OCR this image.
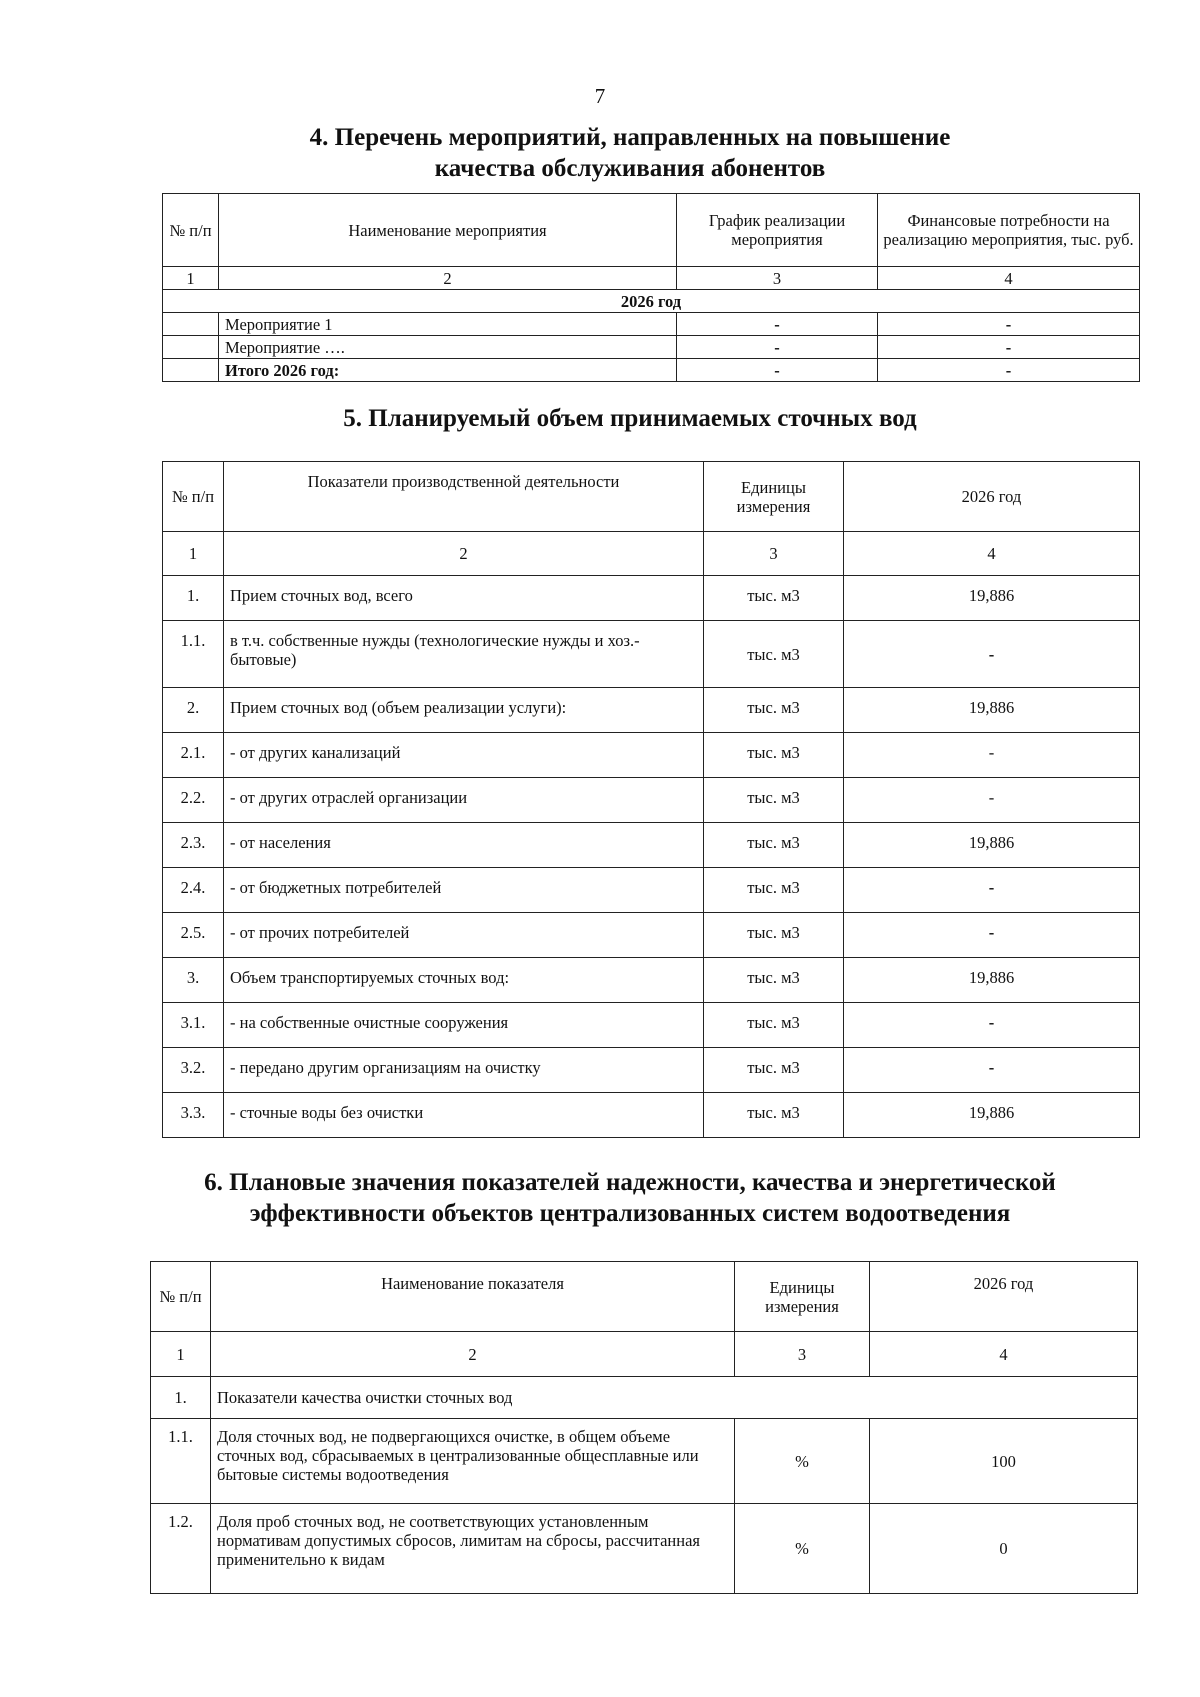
7
4. Перечень мероприятий, направленных на повышение
качества обслуживания абонентов
№ п/п	Наименование мероприятия	График реализации мероприятия	Финансовые потребности на реализацию мероприятия, тыс. руб.
1	2	3	4
2026 год			
	Мероприятие 1	-	-
	Мероприятие ….	-	-
	Итого 2026 год:	-	-
5. Планируемый объем принимаемых сточных вод
№ п/п	Показатели производственной деятельности	Единицы измерения	2026 год
1	2	3	4
1.	Прием сточных вод, всего	тыс. м3	19,886
1.1.	в т.ч. собственные нужды (технологические нужды и хоз.-бытовые)	тыс. м3	-
2.	Прием сточных вод (объем реализации услуги):	тыс. м3	19,886
2.1.	- от других канализаций	тыс. м3	-
2.2.	- от других отраслей организации	тыс. м3	-
2.3.	- от населения	тыс. м3	19,886
2.4.	- от бюджетных потребителей	тыс. м3	-
2.5.	- от прочих потребителей	тыс. м3	-
3.	Объем транспортируемых сточных вод:	тыс. м3	19,886
3.1.	- на собственные очистные сооружения	тыс. м3	-
3.2.	- передано другим организациям на очистку	тыс. м3	-
3.3.	- сточные воды без очистки	тыс. м3	19,886
6. Плановые значения показателей надежности, качества и энергетической
эффективности объектов централизованных систем водоотведения
№ п/п	Наименование показателя	Единицы измерения	2026 год
1	2	3	4
1.	Показатели качества очистки сточных вод		
1.1.	Доля сточных вод, не подвергающихся очистке, в общем объеме сточных вод, сбрасываемых в централизованные общесплавные или бытовые системы водоотведения	%	100
1.2.	Доля проб сточных вод, не соответствующих установленным нормативам допустимых сбросов, лимитам на сбросы, рассчитанная применительно к видам	%	0
